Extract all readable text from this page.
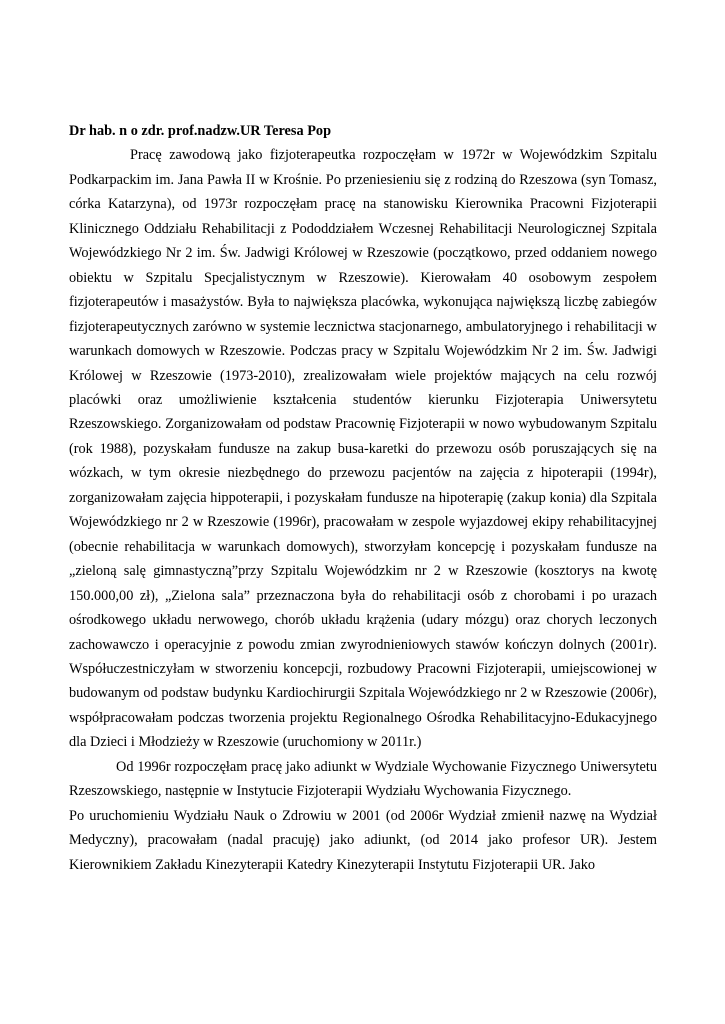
Dr hab. n o zdr. prof.nadzw.UR Teresa Pop

Pracę zawodową jako fizjoterapeutka rozpoczęłam w 1972r w Wojewódzkim Szpitalu Podkarpackim im. Jana Pawła II w Krośnie. Po przeniesieniu się z rodziną do Rzeszowa (syn Tomasz, córka Katarzyna), od 1973r rozpoczęłam pracę na stanowisku Kierownika Pracowni Fizjoterapii Klinicznego Oddziału Rehabilitacji z Pododdziałem Wczesnej Rehabilitacji Neurologicznej Szpitala Wojewódzkiego Nr 2 im. Św. Jadwigi Królowej w Rzeszowie (początkowo, przed oddaniem nowego obiektu w Szpitalu Specjalistycznym w Rzeszowie). Kierowałam 40 osobowym zespołem fizjoterapeutów i masażystów. Była to największa placówka, wykonująca największą liczbę zabiegów fizjoterapeutycznych zarówno w systemie lecznictwa stacjonarnego, ambulatoryjnego i rehabilitacji w warunkach domowych w Rzeszowie. Podczas pracy w Szpitalu Wojewódzkim Nr 2 im. Św. Jadwigi Królowej w Rzeszowie (1973-2010), zrealizowałam wiele projektów mających na celu rozwój placówki oraz umożliwienie kształcenia studentów kierunku Fizjoterapia Uniwersytetu Rzeszowskiego. Zorganizowałam od podstaw Pracownię Fizjoterapii w nowo wybudowanym Szpitalu (rok 1988), pozyskałam fundusze na zakup busa-karetki do przewozu osób poruszających się na wózkach, w tym okresie niezbędnego do przewozu pacjentów na zajęcia z hipoterapii (1994r), zorganizowałam zajęcia hippoterapii, i pozyskałam fundusze na hipoterapię (zakup konia) dla Szpitala Wojewódzkiego nr 2 w Rzeszowie (1996r), pracowałam w zespole wyjazdowej ekipy rehabilitacyjnej (obecnie rehabilitacja w warunkach domowych), stworzyłam koncepcję i pozyskałam fundusze na „zieloną salę gimnastyczną”przy Szpitalu Wojewódzkim nr 2 w Rzeszowie (kosztorys na kwotę 150.000,00 zł), „Zielona sala” przeznaczona była do rehabilitacji osób z chorobami i po urazach ośrodkowego układu nerwowego, chorób układu krążenia (udary mózgu) oraz chorych leczonych zachowawczo i operacyjnie z powodu zmian zwyrodnieniowych stawów kończyn dolnych (2001r). Współuczestniczyłam w stworzeniu koncepcji, rozbudowy Pracowni Fizjoterapii, umiejscowionej w budowanym od podstaw budynku Kardiochirurgii Szpitala Wojewódzkiego nr 2 w Rzeszowie (2006r), współpracowałam podczas tworzenia projektu Regionalnego Ośrodka Rehabilitacyjno-Edukacyjnego dla Dzieci i Młodzieży w Rzeszowie (uruchomiony w 2011r.)

Od 1996r rozpoczęłam pracę jako adiunkt w Wydziale Wychowanie Fizycznego Uniwersytetu Rzeszowskiego, następnie w Instytucie Fizjoterapii Wydziału Wychowania Fizycznego.

Po uruchomieniu Wydziału Nauk o Zdrowiu w 2001 (od 2006r Wydział zmienił nazwę na Wydział Medyczny), pracowałam (nadal pracuję) jako adiunkt, (od 2014 jako profesor UR). Jestem Kierownikiem Zakładu Kinezyterapii Katedry Kinezyterapii Instytutu Fizjoterapii UR. Jako
